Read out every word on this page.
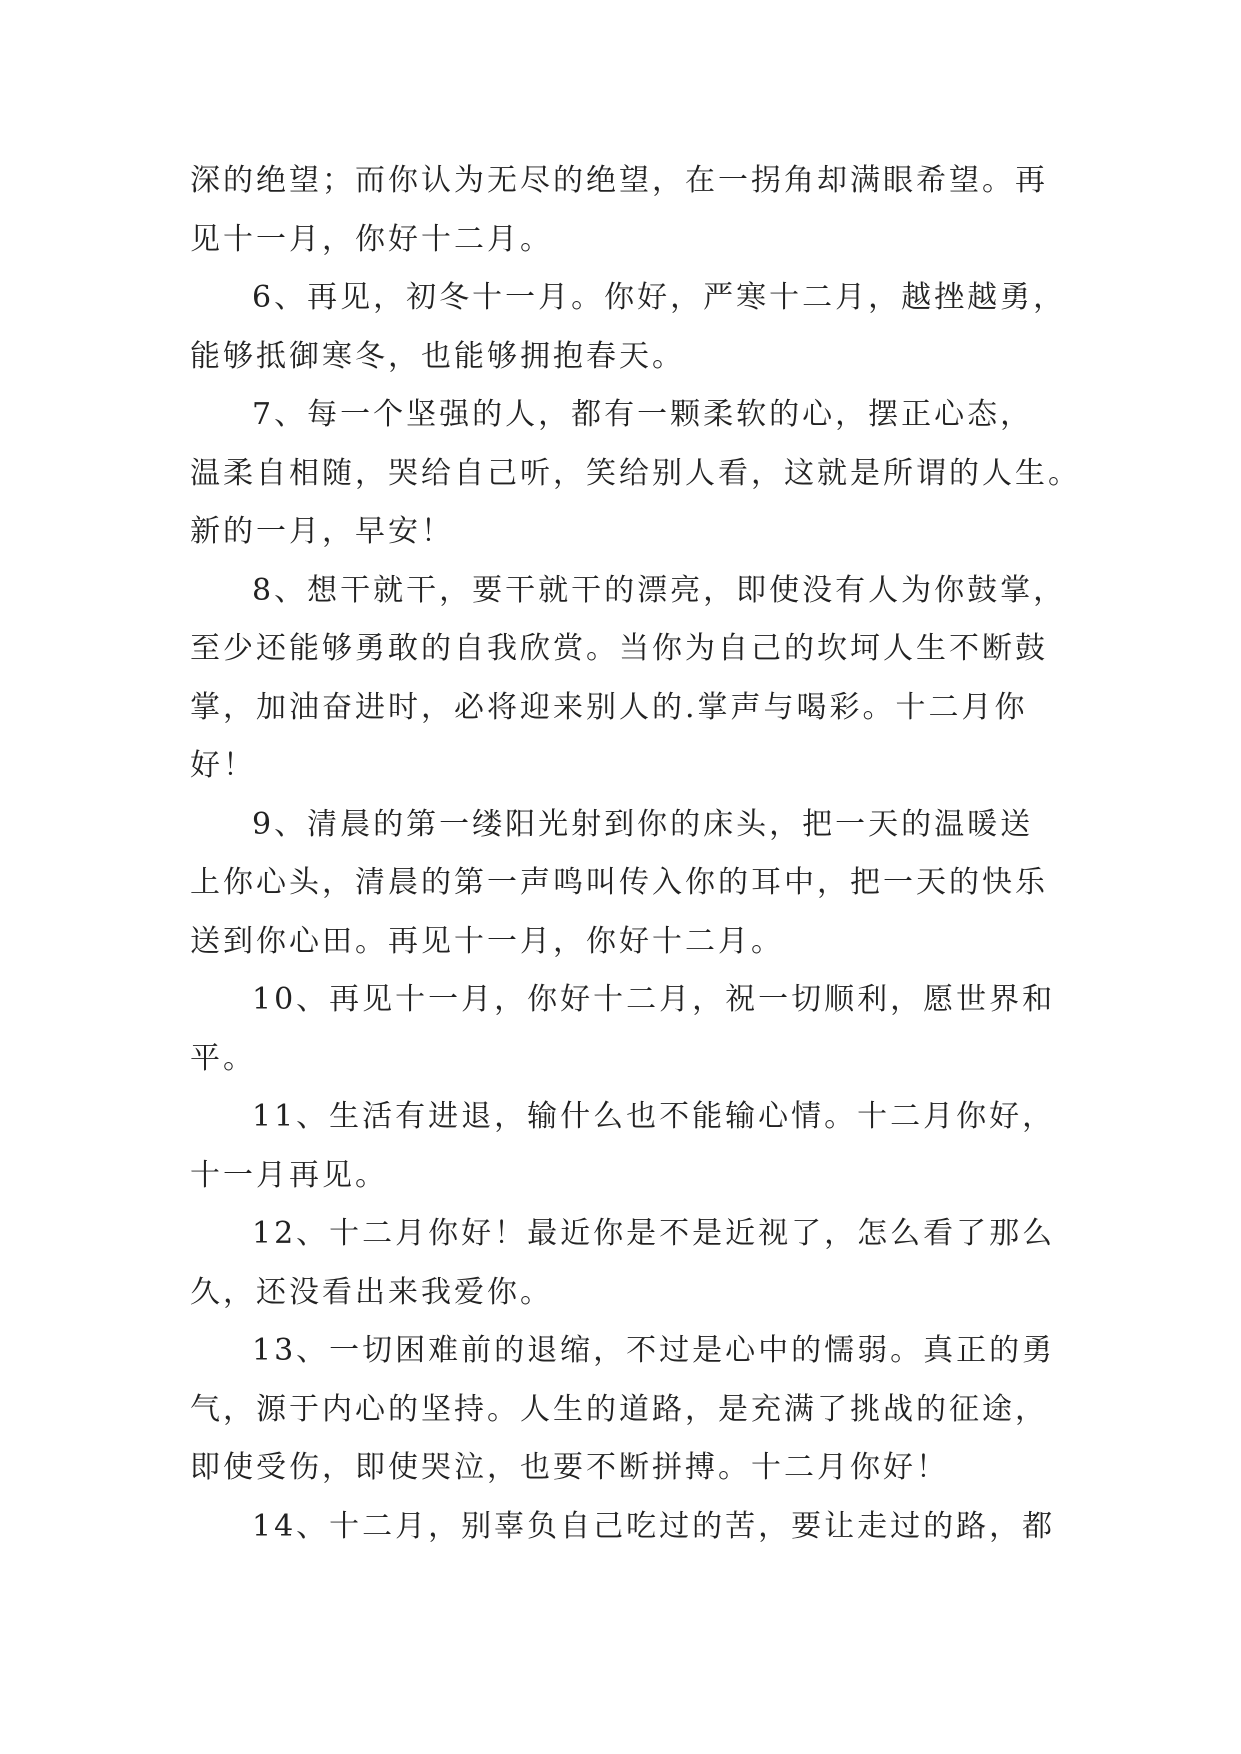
深的绝望；而你认为无尽的绝望，在一拐角却满眼希望。再
见十一月，你好十二月。
6、再见，初冬十一月。你好，严寒十二月，越挫越勇，
能够抵御寒冬，也能够拥抱春天。
7、每一个坚强的人，都有一颗柔软的心，摆正心态，
温柔自相随，哭给自己听，笑给别人看，这就是所谓的人生。
新的一月，早安！
8、想干就干，要干就干的漂亮，即使没有人为你鼓掌，
至少还能够勇敢的自我欣赏。当你为自己的坎坷人生不断鼓
掌，加油奋进时，必将迎来别人的.掌声与喝彩。十二月你
好！
9、清晨的第一缕阳光射到你的床头，把一天的温暖送
上你心头，清晨的第一声鸣叫传入你的耳中，把一天的快乐
送到你心田。再见十一月，你好十二月。
10、再见十一月，你好十二月，祝一切顺利，愿世界和
平。
11、生活有进退，输什么也不能输心情。十二月你好，
十一月再见。
12、十二月你好！最近你是不是近视了，怎么看了那么
久，还没看出来我爱你。
13、一切困难前的退缩，不过是心中的懦弱。真正的勇
气，源于内心的坚持。人生的道路，是充满了挑战的征途，
即使受伤，即使哭泣，也要不断拼搏。十二月你好！
14、十二月，别辜负自己吃过的苦，要让走过的路，都
